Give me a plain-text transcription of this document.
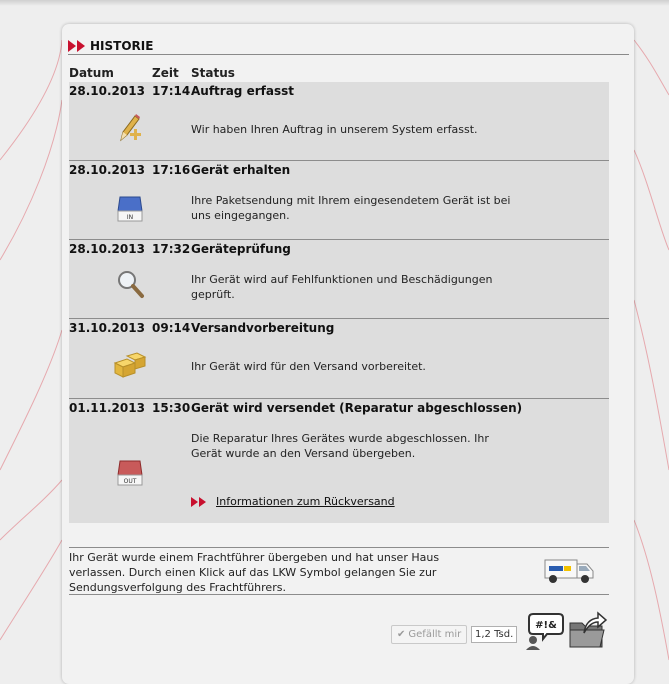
HISTORIE
Datum	Zeit Status
28.10.2013 17:14 Auftrag erfasst
Wir haben Ihren Auftrag in unserem System erfasst.
28.10.2013 17:16 Gerät erhalten
IN
Ihre Paketsendung mit Ihrem eingesendetem Gerät ist bei uns eingegangen.
28.10.2013 17:32 Geräteprüfung
Ihr Gerät wird auf Fehlfunktionen und Beschädigungen geprüft.
31.10.2013 09:14 Versandvorbereitung
Ihr Gerät wird für den Versand vorbereitet.
01.11.2013 15:30 Gerät wird versendet (Reparatur abgeschlossen)
OUT
Die Reparatur Ihres Gerätes wurde abgeschlossen. Ihr Gerät wurde an den Versand übergeben.
Informationen zum Rückversand
Ihr Gerät wurde einem Frachtführer übergeben und hat unser Haus verlassen. Durch einen Klick auf das LKW Symbol gelangen Sie zur Sendungsverfolgung des Frachtführers.
✔ Gefällt mir	1,2 Tsd.
#!&
